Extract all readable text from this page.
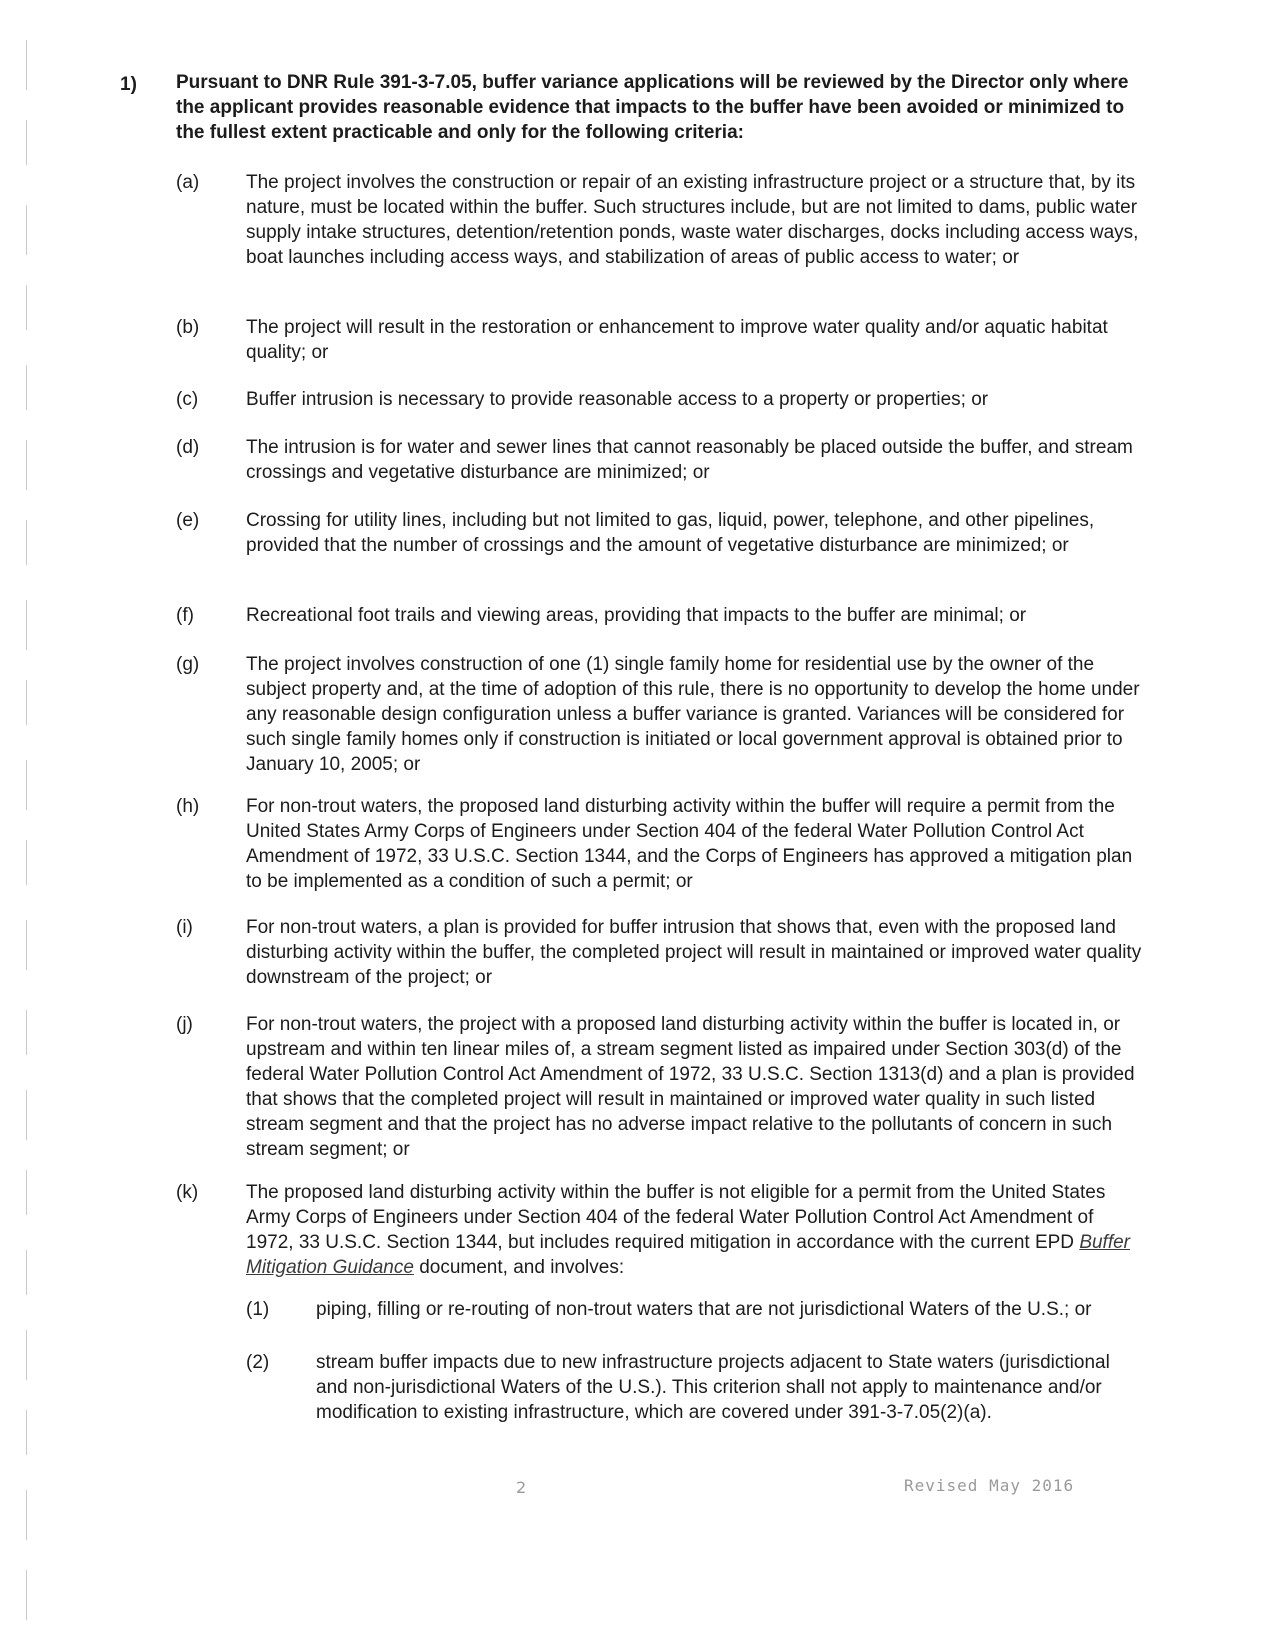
1) Pursuant to DNR Rule 391-3-7.05, buffer variance applications will be reviewed by the Director only where the applicant provides reasonable evidence that impacts to the buffer have been avoided or minimized to the fullest extent practicable and only for the following criteria:
(a)	The project involves the construction or repair of an existing infrastructure project or a structure that, by its nature, must be located within the buffer. Such structures include, but are not limited to dams, public water supply intake structures, detention/retention ponds, waste water discharges, docks including access ways, boat launches including access ways, and stabilization of areas of public access to water; or
(b)	The project will result in the restoration or enhancement to improve water quality and/or aquatic habitat quality; or
(c)	Buffer intrusion is necessary to provide reasonable access to a property or properties; or
(d)	The intrusion is for water and sewer lines that cannot reasonably be placed outside the buffer, and stream crossings and vegetative disturbance are minimized; or
(e)	Crossing for utility lines, including but not limited to gas, liquid, power, telephone, and other pipelines, provided that the number of crossings and the amount of vegetative disturbance are minimized; or
(f)	Recreational foot trails and viewing areas, providing that impacts to the buffer are minimal; or
(g)	The project involves construction of one (1) single family home for residential use by the owner of the subject property and, at the time of adoption of this rule, there is no opportunity to develop the home under any reasonable design configuration unless a buffer variance is granted. Variances will be considered for such single family homes only if construction is initiated or local government approval is obtained prior to January 10, 2005; or
(h)	For non-trout waters, the proposed land disturbing activity within the buffer will require a permit from the United States Army Corps of Engineers under Section 404 of the federal Water Pollution Control Act Amendment of 1972, 33 U.S.C. Section 1344, and the Corps of Engineers has approved a mitigation plan to be implemented as a condition of such a permit; or
(i)	For non-trout waters, a plan is provided for buffer intrusion that shows that, even with the proposed land disturbing activity within the buffer, the completed project will result in maintained or improved water quality downstream of the project; or
(j)	For non-trout waters, the project with a proposed land disturbing activity within the buffer is located in, or upstream and within ten linear miles of, a stream segment listed as impaired under Section 303(d) of the federal Water Pollution Control Act Amendment of 1972, 33 U.S.C. Section 1313(d) and a plan is provided that shows that the completed project will result in maintained or improved water quality in such listed stream segment and that the project has no adverse impact relative to the pollutants of concern in such stream segment; or
(k)	The proposed land disturbing activity within the buffer is not eligible for a permit from the United States Army Corps of Engineers under Section 404 of the federal Water Pollution Control Act Amendment of 1972, 33 U.S.C. Section 1344, but includes required mitigation in accordance with the current EPD Buffer Mitigation Guidance document, and involves:
(1) piping, filling or re-routing of non-trout waters that are not jurisdictional Waters of the U.S.; or
(2) stream buffer impacts due to new infrastructure projects adjacent to State waters (jurisdictional and non-jurisdictional Waters of the U.S.). This criterion shall not apply to maintenance and/or modification to existing infrastructure, which are covered under 391-3-7.05(2)(a).
2	Revised May 2016
